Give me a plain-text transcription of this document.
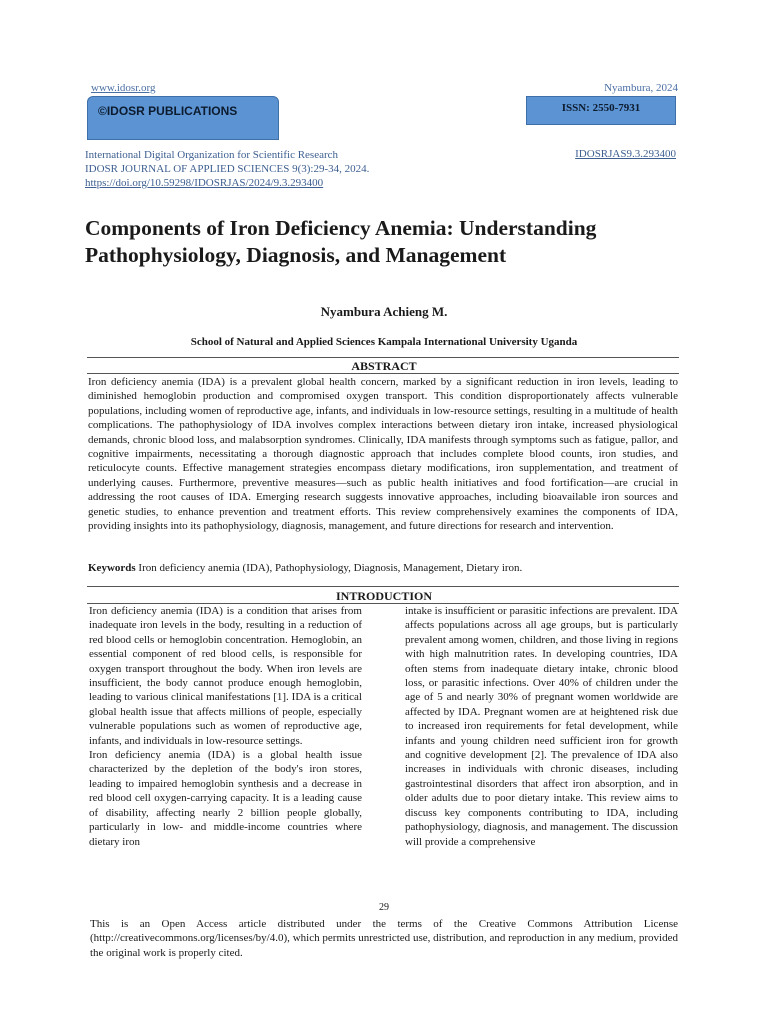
www.idosr.org	Nyambura, 2024
©IDOSR PUBLICATIONS	ISSN: 2550-7931
International Digital Organization for Scientific Research
IDOSR JOURNAL OF APPLIED SCIENCES 9(3):29-34, 2024.
https://doi.org/10.59298/IDOSRJAS/2024/9.3.293400
IDOSRJAS9.3.293400
Components of Iron Deficiency Anemia: Understanding Pathophysiology, Diagnosis, and Management
Nyambura Achieng M.
School of Natural and Applied Sciences Kampala International University Uganda
ABSTRACT
Iron deficiency anemia (IDA) is a prevalent global health concern, marked by a significant reduction in iron levels, leading to diminished hemoglobin production and compromised oxygen transport. This condition disproportionately affects vulnerable populations, including women of reproductive age, infants, and individuals in low-resource settings, resulting in a multitude of health complications. The pathophysiology of IDA involves complex interactions between dietary iron intake, increased physiological demands, chronic blood loss, and malabsorption syndromes. Clinically, IDA manifests through symptoms such as fatigue, pallor, and cognitive impairments, necessitating a thorough diagnostic approach that includes complete blood counts, iron studies, and reticulocyte counts. Effective management strategies encompass dietary modifications, iron supplementation, and treatment of underlying causes. Furthermore, preventive measures—such as public health initiatives and food fortification—are crucial in addressing the root causes of IDA. Emerging research suggests innovative approaches, including bioavailable iron sources and genetic studies, to enhance prevention and treatment efforts. This review comprehensively examines the components of IDA, providing insights into its pathophysiology, diagnosis, management, and future directions for research and intervention.
Keywords Iron deficiency anemia (IDA), Pathophysiology, Diagnosis, Management, Dietary iron.
INTRODUCTION

Iron deficiency anemia (IDA) is a condition that arises from inadequate iron levels in the body, resulting in a reduction of red blood cells or hemoglobin concentration. Hemoglobin, an essential component of red blood cells, is responsible for oxygen transport throughout the body. When iron levels are insufficient, the body cannot produce enough hemoglobin, leading to various clinical manifestations [1]. IDA is a critical global health issue that affects millions of people, especially vulnerable populations such as women of reproductive age, infants, and individuals in low-resource settings.

Iron deficiency anemia (IDA) is a global health issue characterized by the depletion of the body's iron stores, leading to impaired hemoglobin synthesis and a decrease in red blood cell oxygen-carrying capacity. It is a leading cause of disability, affecting nearly 2 billion people globally, particularly in low- and middle-income countries where dietary iron

intake is insufficient or parasitic infections are prevalent. IDA affects populations across all age groups, but is particularly prevalent among women, children, and those living in regions with high malnutrition rates. In developing countries, IDA often stems from inadequate dietary intake, chronic blood loss, or parasitic infections. Over 40% of children under the age of 5 and nearly 30% of pregnant women worldwide are affected by IDA. Pregnant women are at heightened risk due to increased iron requirements for fetal development, while infants and young children need sufficient iron for growth and cognitive development [2]. The prevalence of IDA also increases in individuals with chronic diseases, including gastrointestinal disorders that affect iron absorption, and in older adults due to poor dietary intake. This review aims to discuss key components contributing to IDA, including pathophysiology, diagnosis, and management. The discussion will provide a comprehensive

29
This is an Open Access article distributed under the terms of the Creative Commons Attribution License (http://creativecommons.org/licenses/by/4.0), which permits unrestricted use, distribution, and reproduction in any medium, provided the original work is properly cited.
